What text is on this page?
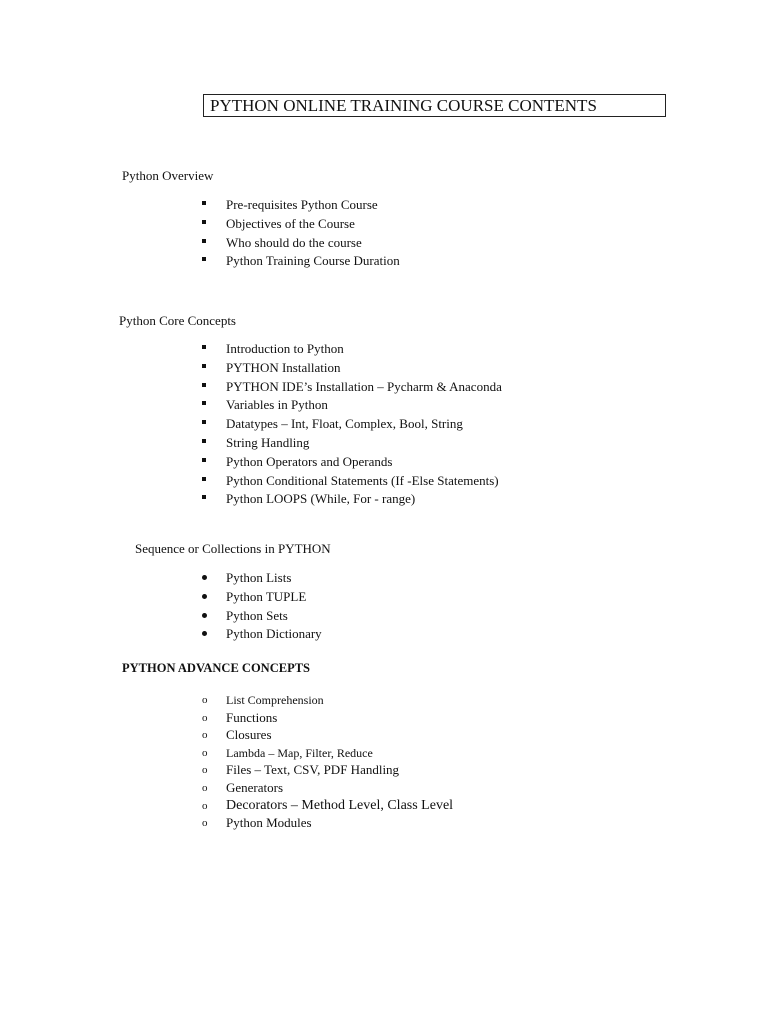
PYTHON ONLINE TRAINING COURSE CONTENTS
Python Overview
Pre-requisites Python Course
Objectives of the Course
Who should do the course
Python Training Course Duration
Python Core Concepts
Introduction to Python
PYTHON Installation
PYTHON IDE’s Installation – Pycharm & Anaconda
Variables in Python
Datatypes – Int, Float, Complex, Bool, String
String Handling
Python Operators and Operands
Python Conditional Statements (If -Else Statements)
Python LOOPS (While, For - range)
Sequence or Collections in PYTHON
Python Lists
Python TUPLE
Python Sets
Python Dictionary
PYTHON ADVANCE CONCEPTS
o List Comprehension
o Functions
o Closures
o Lambda – Map, Filter, Reduce
o Files – Text, CSV, PDF Handling
o Generators
o Decorators – Method Level, Class Level
o Python Modules
